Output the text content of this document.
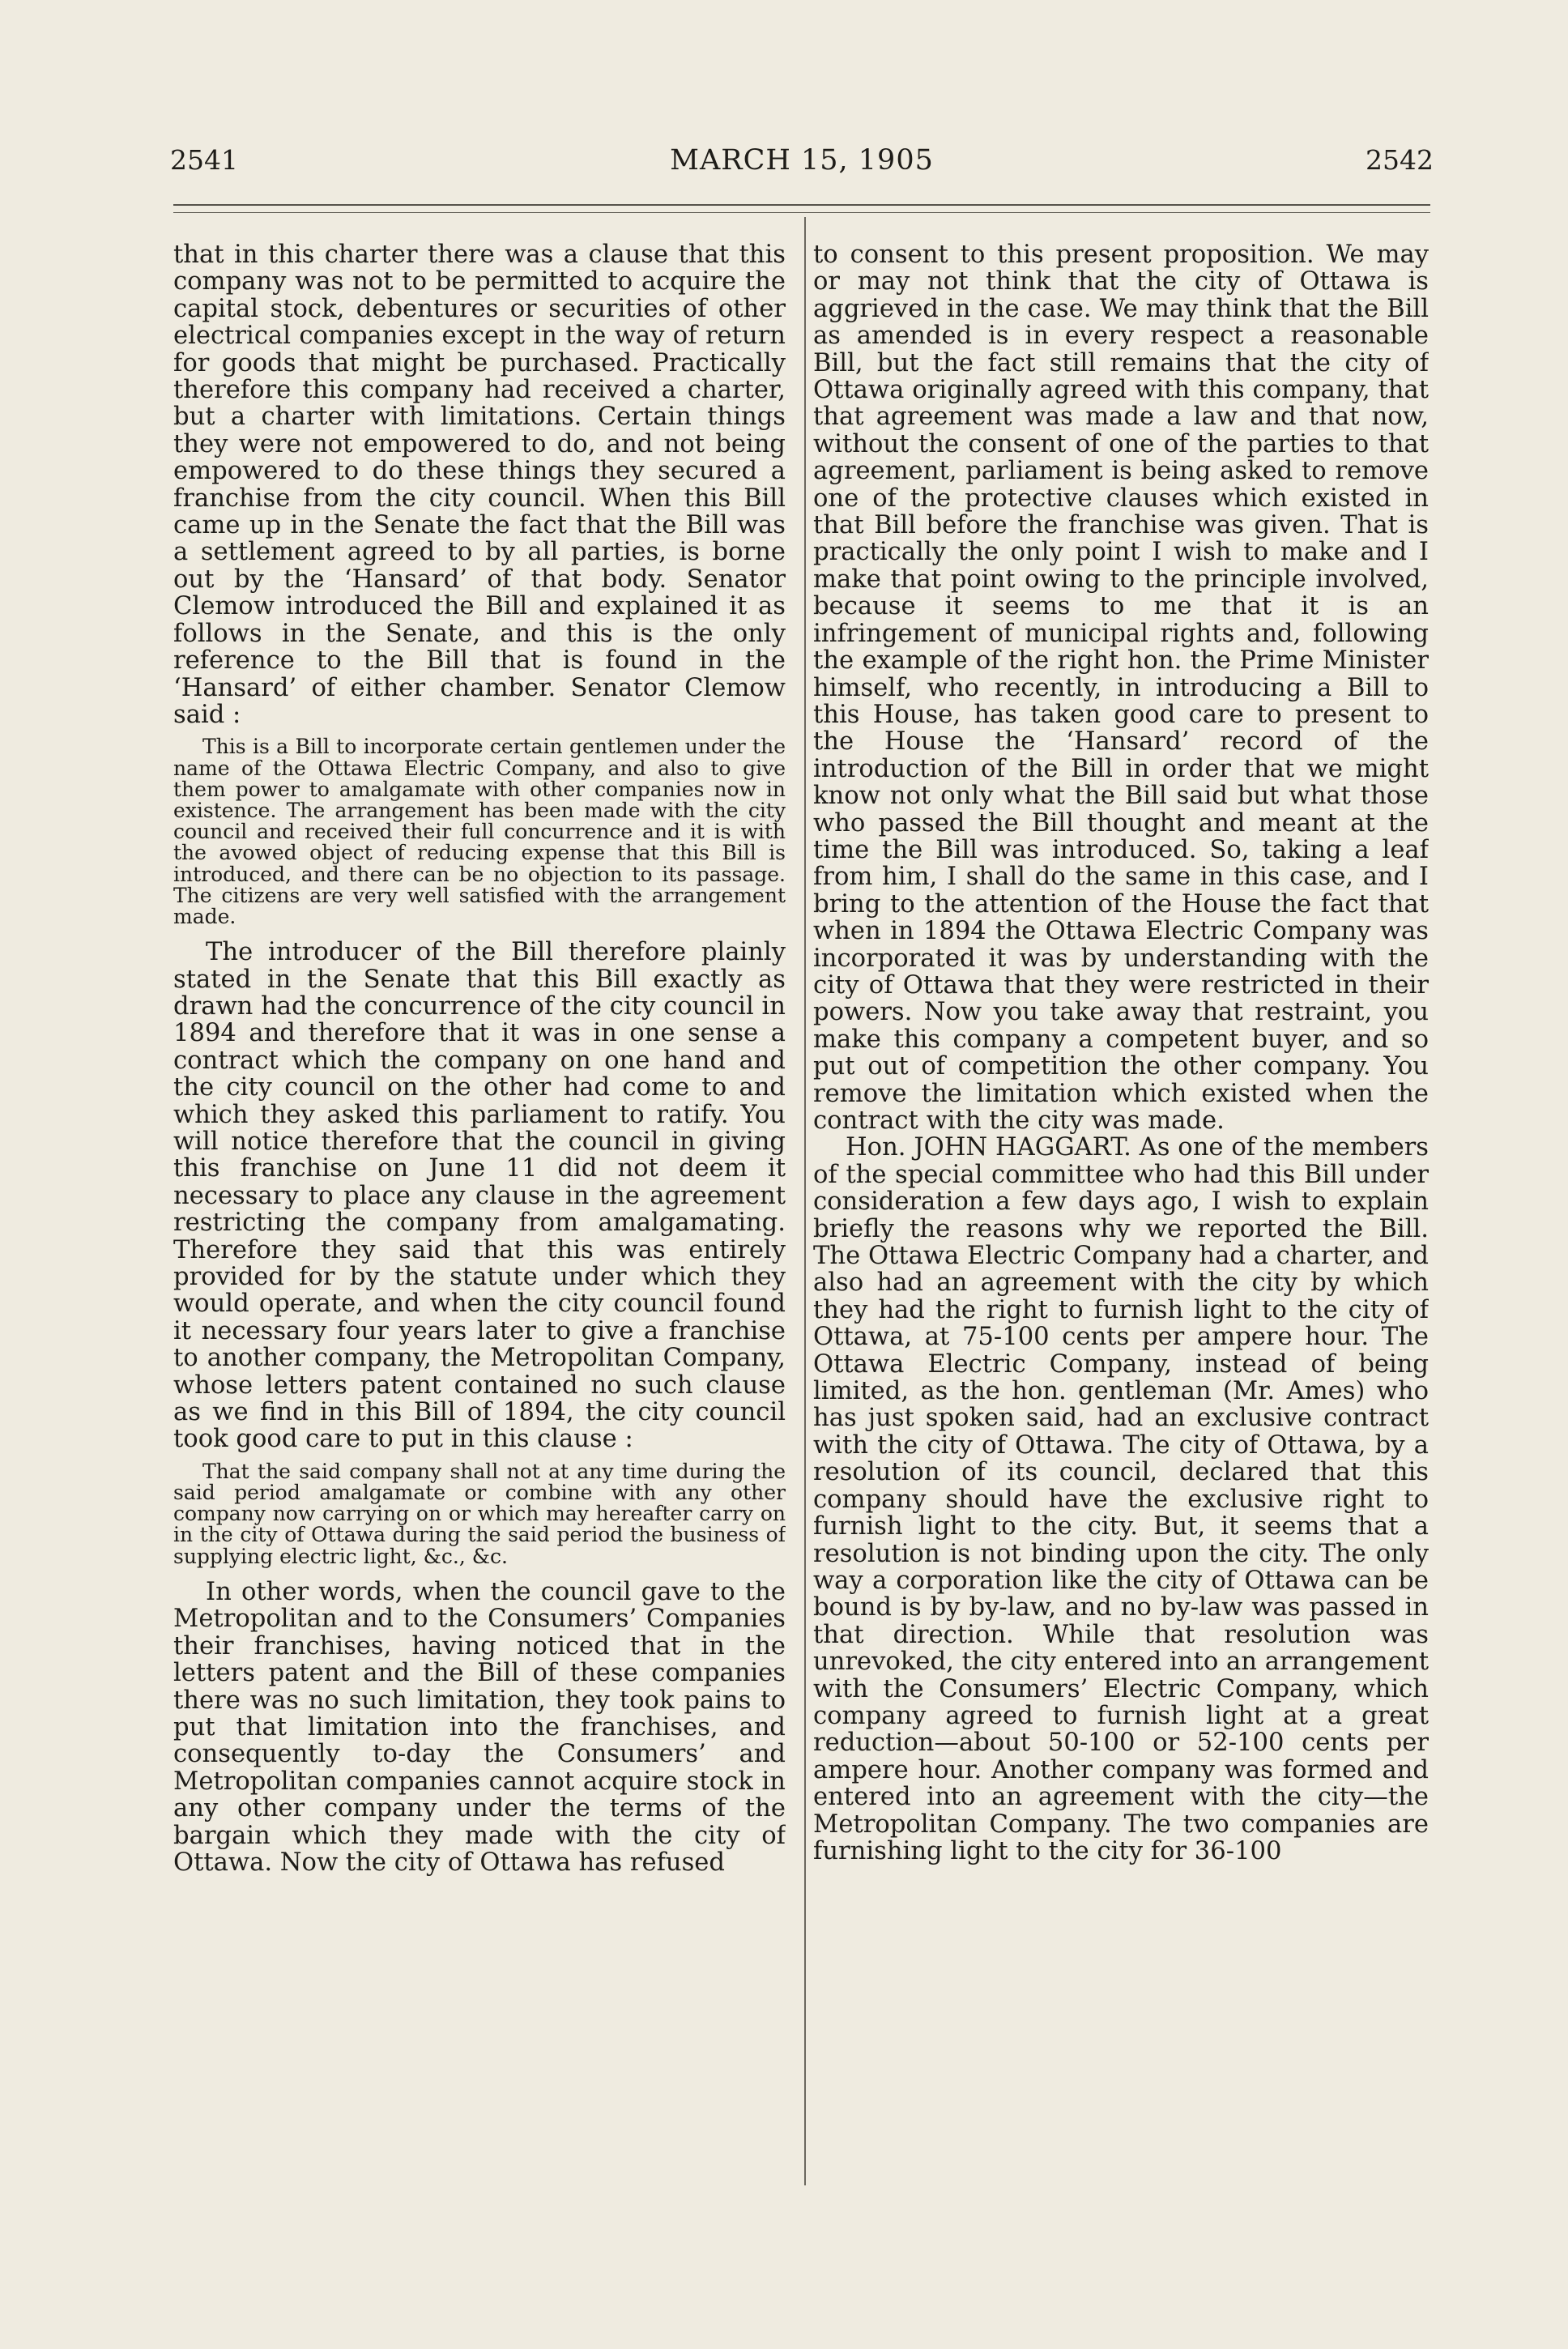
2541	MARCH 15, 1905	2542

that in this charter there was a clause that this company was not to be permitted to acquire the capital stock, debentures or securities of other electrical companies except in the way of return for goods that might be purchased. Practically therefore this company had received a charter, but a charter with limitations. Certain things they were not empowered to do, and not being empowered to do these things they secured a franchise from the city council. When this Bill came up in the Senate the fact that the Bill was a settlement agreed to by all parties, is borne out by the ‘Hansard’ of that body. Senator Clemow introduced the Bill and explained it as follows in the Senate, and this is the only reference to the Bill that is found in the ‘Hansard’ of either chamber. Senator Clemow said :

This is a Bill to incorporate certain gentlemen under the name of the Ottawa Electric Company, and also to give them power to amalgamate with other companies now in existence. The arrangement has been made with the city council and received their full concurrence and it is with the avowed object of reducing expense that this Bill is introduced, and there can be no objection to its passage. The citizens are very well satisfied with the arrangement made.

The introducer of the Bill therefore plainly stated in the Senate that this Bill exactly as drawn had the concurrence of the city council in 1894 and therefore that it was in one sense a contract which the company on one hand and the city council on the other had come to and which they asked this parliament to ratify. You will notice therefore that the council in giving this franchise on June 11 did not deem it necessary to place any clause in the agreement restricting the company from amalgamating. Therefore they said that this was entirely provided for by the statute under which they would operate, and when the city council found it necessary four years later to give a franchise to another company, the Metropolitan Company, whose letters patent contained no such clause as we find in this Bill of 1894, the city council took good care to put in this clause :

That the said company shall not at any time during the said period amalgamate or combine with any other company now carrying on or which may hereafter carry on in the city of Ottawa during the said period the business of supplying electric light, &c., &c.

In other words, when the council gave to the Metropolitan and to the Consumers’ Companies their franchises, having noticed that in the letters patent and the Bill of these companies there was no such limitation, they took pains to put that limitation into the franchises, and consequently to-day the Consumers’ and Metropolitan companies cannot acquire stock in any other company under the terms of the bargain which they made with the city of Ottawa. Now the city of Ottawa has refused

to consent to this present proposition. We may or may not think that the city of Ottawa is aggrieved in the case. We may think that the Bill as amended is in every respect a reasonable Bill, but the fact still remains that the city of Ottawa originally agreed with this company, that that agreement was made a law and that now, without the consent of one of the parties to that agreement, parliament is being asked to remove one of the protective clauses which existed in that Bill before the franchise was given. That is practically the only point I wish to make and I make that point owing to the principle involved, because it seems to me that it is an infringement of municipal rights and, following the example of the right hon. the Prime Minister himself, who recently, in introducing a Bill to this House, has taken good care to present to the House the ‘Hansard’ record of the introduction of the Bill in order that we might know not only what the Bill said but what those who passed the Bill thought and meant at the time the Bill was introduced. So, taking a leaf from him, I shall do the same in this case, and I bring to the attention of the House the fact that when in 1894 the Ottawa Electric Company was incorporated it was by understanding with the city of Ottawa that they were restricted in their powers. Now you take away that restraint, you make this company a competent buyer, and so put out of competition the other company. You remove the limitation which existed when the contract with the city was made.

Hon. JOHN HAGGART. As one of the members of the special committee who had this Bill under consideration a few days ago, I wish to explain briefly the reasons why we reported the Bill. The Ottawa Electric Company had a charter, and also had an agreement with the city by which they had the right to furnish light to the city of Ottawa, at 75-100 cents per ampere hour. The Ottawa Electric Company, instead of being limited, as the hon. gentleman (Mr. Ames) who has just spoken said, had an exclusive contract with the city of Ottawa. The city of Ottawa, by a resolution of its council, declared that this company should have the exclusive right to furnish light to the city. But, it seems that a resolution is not binding upon the city. The only way a corporation like the city of Ottawa can be bound is by by-law, and no by-law was passed in that direction. While that resolution was unrevoked, the city entered into an arrangement with the Consumers’ Electric Company, which company agreed to furnish light at a great reduction—about 50-100 or 52-100 cents per ampere hour. Another company was formed and entered into an agreement with the city—the Metropolitan Company. The two companies are furnishing light to the city for 36-100
